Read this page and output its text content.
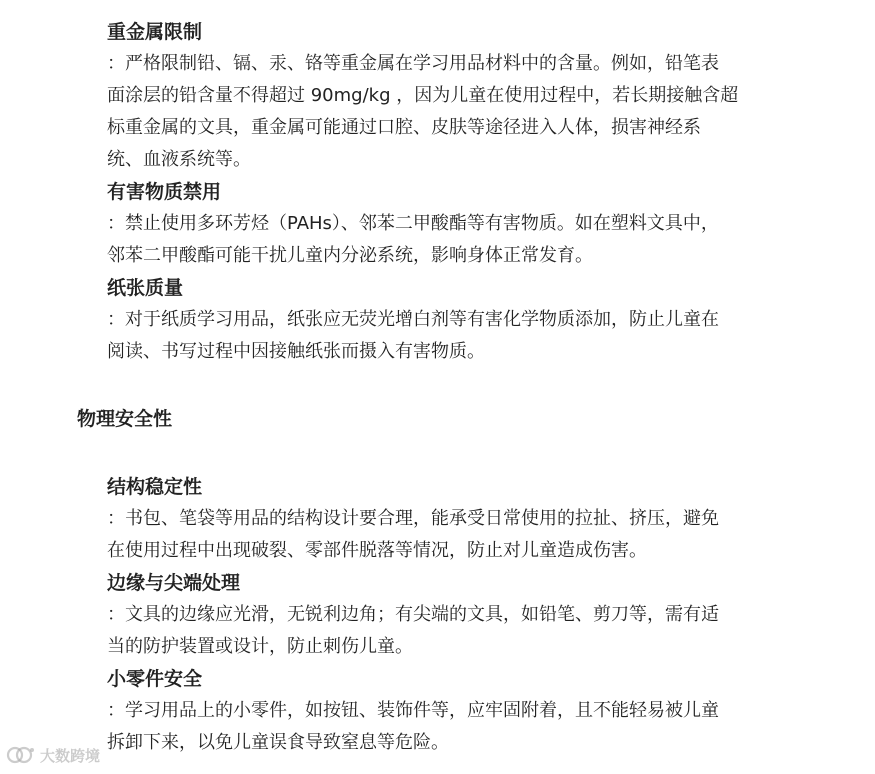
重金属限制
：严格限制铅、镉、汞、铬等重金属在学习用品材料中的含量。例如，铅笔表
面涂层的铅含量不得超过 90mg/kg ，因为儿童在使用过程中，若长期接触含超
标重金属的文具，重金属可能通过口腔、皮肤等途径进入人体，损害神经系
统、血液系统等。
有害物质禁用
：禁止使用多环芳烃（PAHs）、邻苯二甲酸酯等有害物质。如在塑料文具中，
邻苯二甲酸酯可能干扰儿童内分泌系统，影响身体正常发育。
纸张质量
：对于纸质学习用品，纸张应无荧光增白剂等有害化学物质添加，防止儿童在
阅读、书写过程中因接触纸张而摄入有害物质。
物理安全性
结构稳定性
：书包、笔袋等用品的结构设计要合理，能承受日常使用的拉扯、挤压，避免
在使用过程中出现破裂、零部件脱落等情况，防止对儿童造成伤害。
边缘与尖端处理
：文具的边缘应光滑，无锐利边角；有尖端的文具，如铅笔、剪刀等，需有适
当的防护装置或设计，防止刺伤儿童。
小零件安全
：学习用品上的小零件，如按钮、装饰件等，应牢固附着，且不能轻易被儿童
拆卸下来，以免儿童误食导致窒息等危险。
大数跨境
